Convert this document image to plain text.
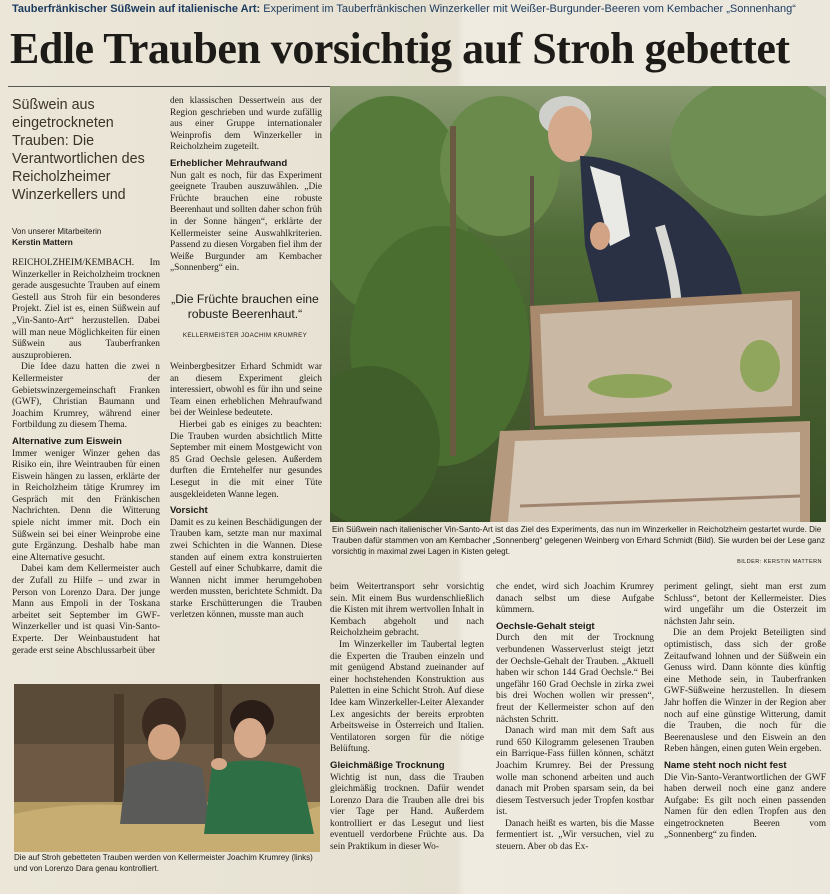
Tauberfränkischer Süßwein auf italienische Art: Experiment im Tauberfränkischen Winzerkeller mit Weißer-Burgunder-Beeren vom Kembacher „Sonnenhang“
Edle Trauben vorsichtig auf Stroh gebettet
Süßwein aus eingetrockneten Trauben: Die Verantwortlichen des Reicholzheimer Winzerkellers und
Von unserer Mitarbeiterin
Kerstin Mattern

REICHOLZHEIM/KEMBACH. Im Winzerkeller in Reicholzheim trocknen gerade ausgesuchte Trauben auf einem Gestell aus Stroh für ein besonderes Projekt. Ziel ist es, einen Süßwein auf „Vin-Santo-Art“ herzustellen. Dabei will man neue Möglichkeiten für einen Süßwein aus Tauberfranken auszuprobieren.

Die Idee dazu hatten die zwei n Kellermeister der Gebietswinzergemeinschaft Franken (GWF), Christian Baumann und Joachim Krumrey, während einer Fortbildung zu diesem Thema.

Alternative zum Eiswein

Immer weniger Winzer gehen das Risiko ein, ihre Weintrauben für einen Eiswein hängen zu lassen, erklärte der in Reicholzheim tätige Krumrey im Gespräch mit den Fränkischen Nachrichten. Denn die Witterung spiele nicht immer mit. Doch ein Süßwein sei bei einer Weinprobe eine gute Ergänzung. Deshalb habe man eine Alternative gesucht.

Dabei kam dem Kellermeister auch der Zufall zu Hilfe – und zwar in Person von Lorenzo Dara. Der junge Mann aus Empoli in der Toskana arbeitet seit September im GWF-Winzerkeller und ist quasi Vin-Santo-Experte. Der Weinbaustudent hat gerade erst seine Abschlussarbeit über

den klassischen Dessertwein aus der Region geschrieben und wurde zufällig aus einer Gruppe internationaler Weinprofis dem Winzerkeller in Reicholzheim zugeteilt.

Erheblicher Mehraufwand

Nun galt es noch, für das Experiment geeignete Trauben auszuwählen. „Die Früchte brauchen eine robuste Beerenhaut und sollten daher schon früh in der Sonne hängen“, erklärte der Kellermeister seine Auswahlkriterien. Passend zu diesen Vorgaben fiel ihm der Weiße Burgunder am Kembacher „Sonnenberg“ ein.

„Die Früchte brauchen eine robuste Beerenhaut.“
KELLERMEISTER JOACHIM KRUMREY

Weinbergbesitzer Erhard Schmidt war an diesem Experiment gleich interessiert, obwohl es für ihn und seine Team einen erheblichen Mehraufwand bei der Weinlese bedeutete.

Hierbei gab es einiges zu beachten: Die Trauben wurden absichtlich Mitte September mit einem Mostgewicht von 85 Grad Oechsle gelesen. Außerdem durften die Erntehelfer nur gesundes Lesegut in die mit einer Tüte ausgekleideten Wanne legen.

Vorsicht

Damit es zu keinen Beschädigungen der Trauben kam, setzte man nur maximal zwei Schichten in die Wannen. Diese standen auf einem extra konstruierten Gestell auf einer Schubkarre, damit die Wannen nicht immer herumgehoben werden mussten, berichtete Schmidt. Da starke Erschütterungen die Trauben verletzen können, musste man auch

Ein Süßwein nach italienischer Vin-Santo-Art ist das Ziel des Experiments, das nun im Winzerkeller in Reicholzheim gestartet wurde. Die Trauben dafür stammen von am Kembacher „Sonnenberg“ gelegenen Weinberg von Erhard Schmidt (Bild). Sie wurden bei der Lese ganz vorsichtig in maximal zwei Lagen in Kisten gelegt.
BILDER: KERSTIN MATTERN

beim Weitertransport sehr vorsichtig sein. Mit einem Bus wurdenschließlich die Kisten mit ihrem wertvollen Inhalt in Kembach abgeholt und nach Reicholzheim gebracht.

Im Winzerkeller im Taubertal legten die Experten die Trauben einzeln und mit genügend Abstand zueinander auf einer hochstehenden Konstruktion aus Paletten in eine Schicht Stroh. Auf diese Idee kam Winzerkeller-Leiter Alexander Lex angesichts der bereits erprobten Arbeitsweise in Österreich und Italien. Ventilatoren sorgen für die nötige Belüftung.

Gleichmäßige Trocknung

Wichtig ist nun, dass die Trauben gleichmäßig trocknen. Dafür wendet Lorenzo Dara die Trauben alle drei bis vier Tage per Hand. Außerdem kontrolliert er das Lesegut und liest eventuell verdorbene Früchte aus. Da sein Praktikum in dieser Wo-

che endet, wird sich Joachim Krumrey danach selbst um diese Aufgabe kümmern.

Oechsle-Gehalt steigt

Durch den mit der Trocknung verbundenen Wasserverlust steigt jetzt der Oechsle-Gehalt der Trauben. „Aktuell haben wir schon 144 Grad Oechsle.“ Bei ungefähr 160 Grad Oechsle in zirka zwei bis drei Wochen wollen wir pressen“, freut der Kellermeister schon auf den nächsten Schritt.

Danach wird man mit dem Saft aus rund 650 Kilogramm gelesenen Trauben ein Barrique-Fass füllen können, schätzt Joachim Krumrey. Bei der Pressung wolle man schonend arbeiten und auch danach mit Proben sparsam sein, da bei diesem Testversuch jeder Tropfen kostbar ist.

Danach heißt es warten, bis die Masse fermentiert ist. „Wir versuchen, viel zu steuern. Aber ob das Ex-

periment gelingt, sieht man erst zum Schluss“, betont der Kellermeister. Dies wird ungefähr um die Osterzeit im nächsten Jahr sein.

Die an dem Projekt Beteiligten sind optimistisch, dass sich der große Zeitaufwand lohnen und der Süßwein ein Genuss wird. Dann könnte dies künftig eine Methode sein, in Tauberfranken GWF-Süßweine herzustellen. In diesem Jahr hoffen die Winzer in der Region aber noch auf eine günstige Witterung, damit die Trauben, die noch für die Beerenauslese und den Eiswein an den Reben hängen, einen guten Wein ergeben.

Name steht noch nicht fest

Die Vin-Santo-Verantwortlichen der GWF haben derweil noch eine ganz andere Aufgabe: Es gilt noch einen passenden Namen für den edlen Tropfen aus den eingetrockneten Beeren vom „Sonnenberg“ zu finden.

Die auf Stroh gebetteten Trauben werden von Kellermeister Joachim Krumrey (links) und von Lorenzo Dara genau kontrolliert.
